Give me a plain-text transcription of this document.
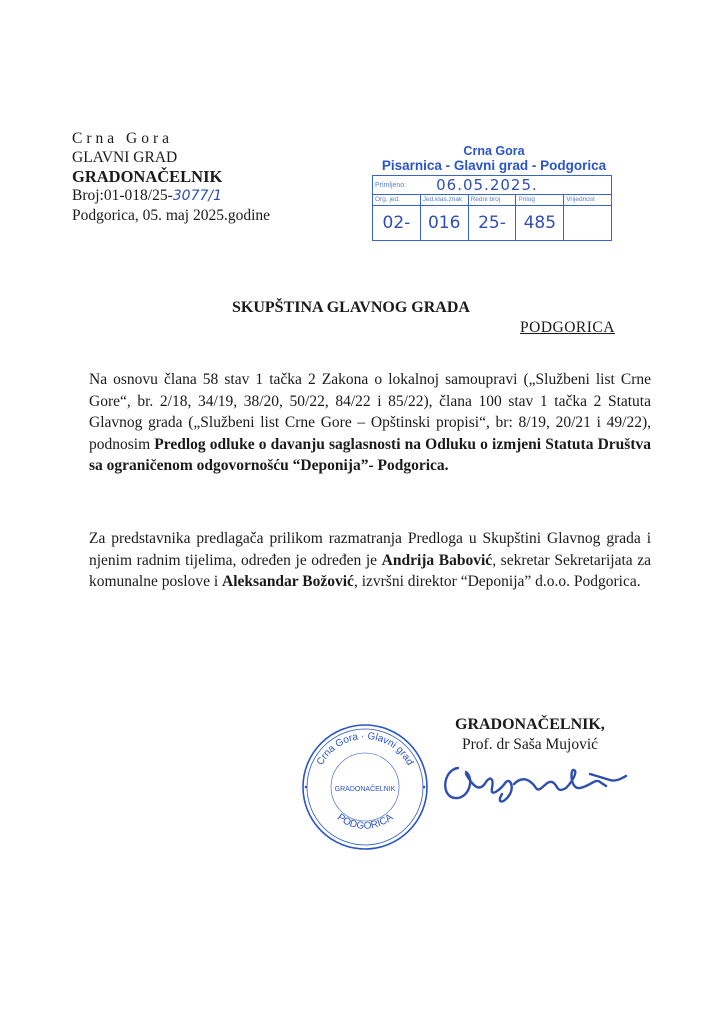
Crna Gora
GLAVNI GRAD
GRADONAČELNIK
Broj:01-018/25-3077/1
Podgorica, 05. maj 2025.godine
Crna Gora
Pisarnica - Glavni grad - Podgorica
Primljeno: 06.05.2025.				
Org. jed.	Jed.klas.znak	Redni broj	Prilog	Vrijednost
02-	016	25-	485	
SKUPŠTINA GLAVNOG GRADA
PODGORICA
Na osnovu člana 58 stav 1 tačka 2 Zakona o lokalnoj samoupravi („Službeni list Crne Gore“, br. 2/18, 34/19, 38/20, 50/22, 84/22 i 85/22), člana 100 stav 1 tačka 2 Statuta Glavnog grada („Službeni list Crne Gore – Opštinski propisi“, br: 8/19, 20/21 i 49/22), podnosim Predlog odluke o davanju saglasnosti na Odluku o izmjeni Statuta Društva sa ograničenom odgovornošću “Deponija”- Podgorica.
Za predstavnika predlagača prilikom razmatranja Predloga u Skupštini Glavnog grada i njenim radnim tijelima, određen je određen je Andrija Babović, sekretar Sekretarijata za komunalne poslove i Aleksandar Božović, izvršni direktor “Deponija” d.o.o. Podgorica.
Crna Gora · Glavni grad
PODGORICA
GRADONAČELNIK
GRADONAČELNIK,
Prof. dr Saša Mujović
